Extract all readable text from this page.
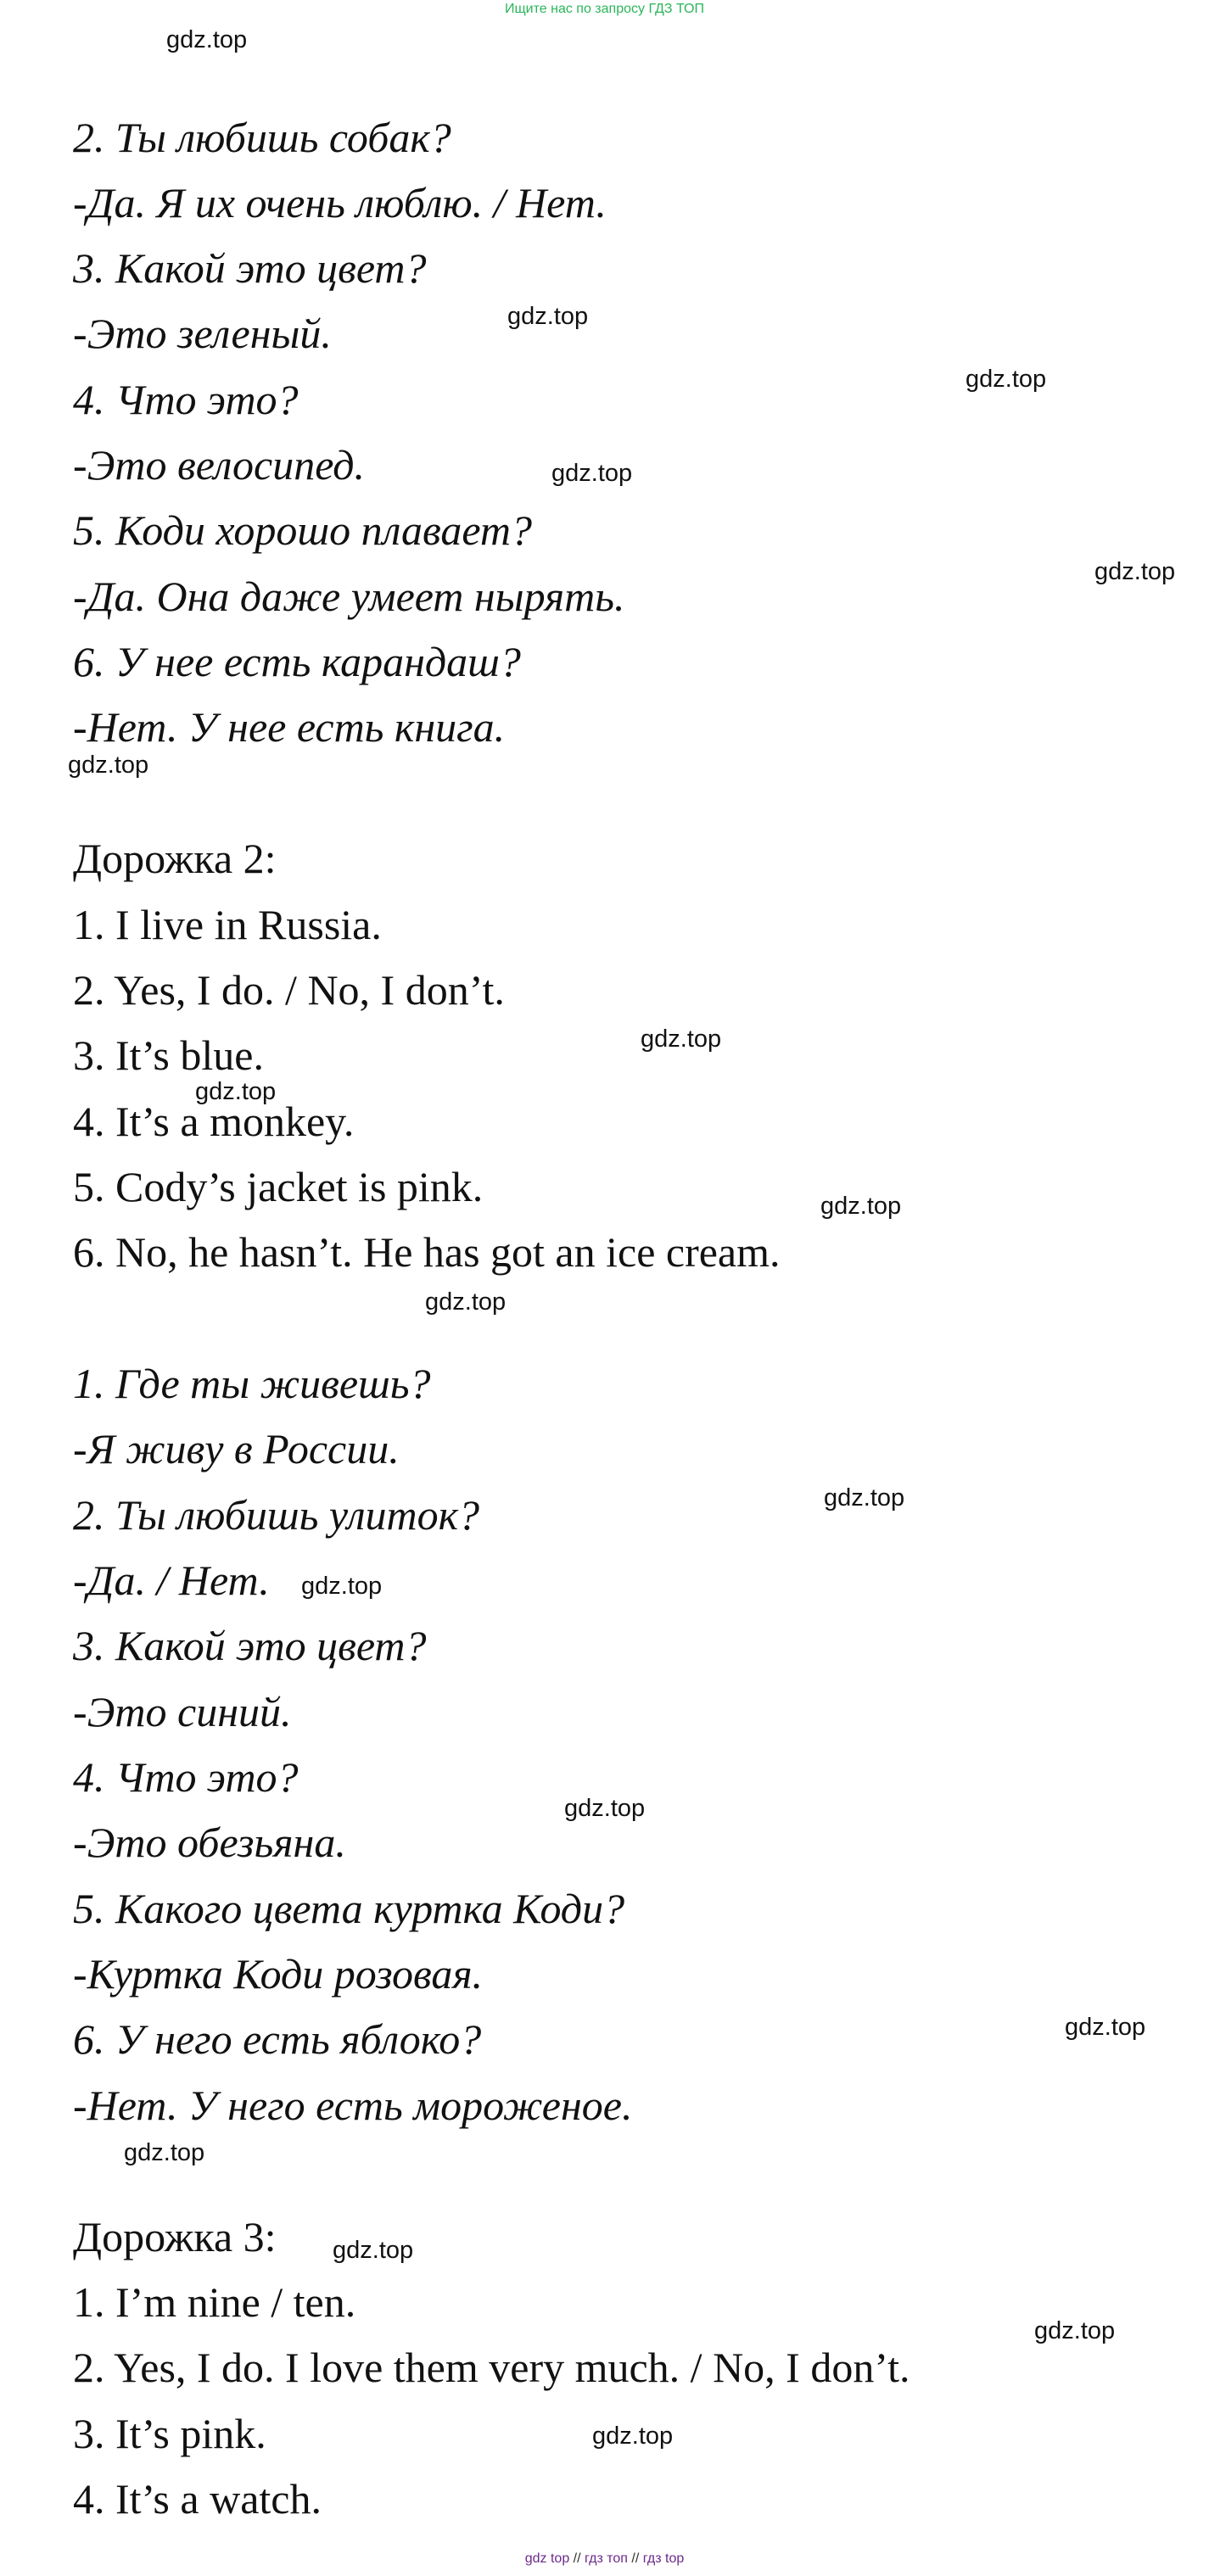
Ищите нас по запросу ГДЗ ТОП
gdz.top
gdz.top
gdz.top
gdz.top
gdz.top
gdz.top
gdz.top
gdz.top
gdz.top
gdz.top
gdz.top
gdz.top
gdz.top
gdz.top
gdz.top
gdz.top
gdz.top
gdz.top
2. Ты любишь собак?
-Да. Я их очень люблю. / Нет.
3. Какой это цвет?
-Это зеленый.
4. Что это?
-Это велосипед.
5. Коди хорошо плавает?
-Да. Она даже умеет нырять.
6. У нее есть карандаш?
-Нет. У нее есть книга.
Дорожка 2:
1. I live in Russia.
2. Yes, I do. / No, I don’t.
3. It’s blue.
4. It’s a monkey.
5. Cody’s jacket is pink.
6. No, he hasn’t. He has got an ice cream.
1. Где ты живешь?
-Я живу в России.
2. Ты любишь улиток?
-Да. / Нет.
3. Какой это цвет?
-Это синий.
4. Что это?
-Это обезьяна.
5. Какого цвета куртка Коди?
-Куртка Коди розовая.
6. У него есть яблоко?
-Нет. У него есть мороженое.
Дорожка 3:
1. I’m nine / ten.
2. Yes, I do. I love them very much. / No, I don’t.
3. It’s pink.
4. It’s a watch.
gdz top // гдз топ // гдз top
